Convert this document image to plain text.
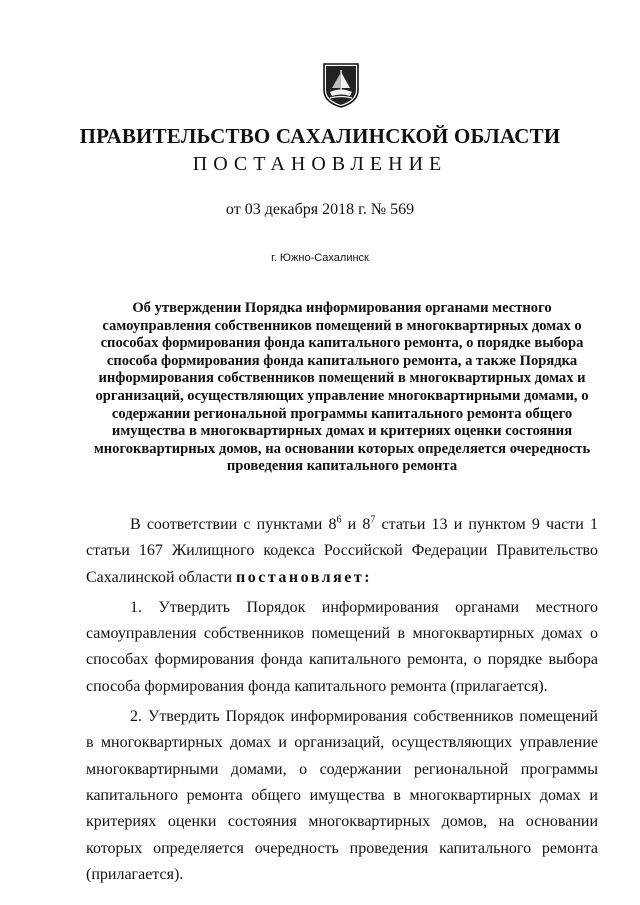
ПРАВИТЕЛЬСТВО САХАЛИНСКОЙ ОБЛАСТИ
ПОСТАНОВЛЕНИЕ
от 03 декабря 2018 г. № 569
г. Южно-Сахалинск
Об утверждении Порядка информирования органами местного самоуправления собственников помещений в многоквартирных домах о способах формирования фонда капитального ремонта, о порядке выбора способа формирования фонда капитального ремонта, а также Порядка информирования собственников помещений в многоквартирных домах и организаций, осуществляющих управление многоквартирными домами, о содержании региональной программы капитального ремонта общего имущества в многоквартирных домах и критериях оценки состояния многоквартирных домов, на основании которых определяется очередность проведения капитального ремонта

В соответствии с пунктами $8^6$ и $8^7$ статьи 13 и пунктом 9 части 1 статьи 167 Жилищного кодекса Российской Федерации Правительство Сахалинской области постановляет:

1. Утвердить Порядок информирования органами местного самоуправления собственников помещений в многоквартирных домах о способах формирования фонда капитального ремонта, о порядке выбора способа формирования фонда капитального ремонта (прилагается).

2. Утвердить Порядок информирования собственников помещений в многоквартирных домах и организаций, осуществляющих управление многоквартирными домами, о содержании региональной программы капитального ремонта общего имущества в многоквартирных домах и критериях оценки состояния многоквартирных домов, на основании которых определяется очередность проведения капитального ремонта (прилагается).
